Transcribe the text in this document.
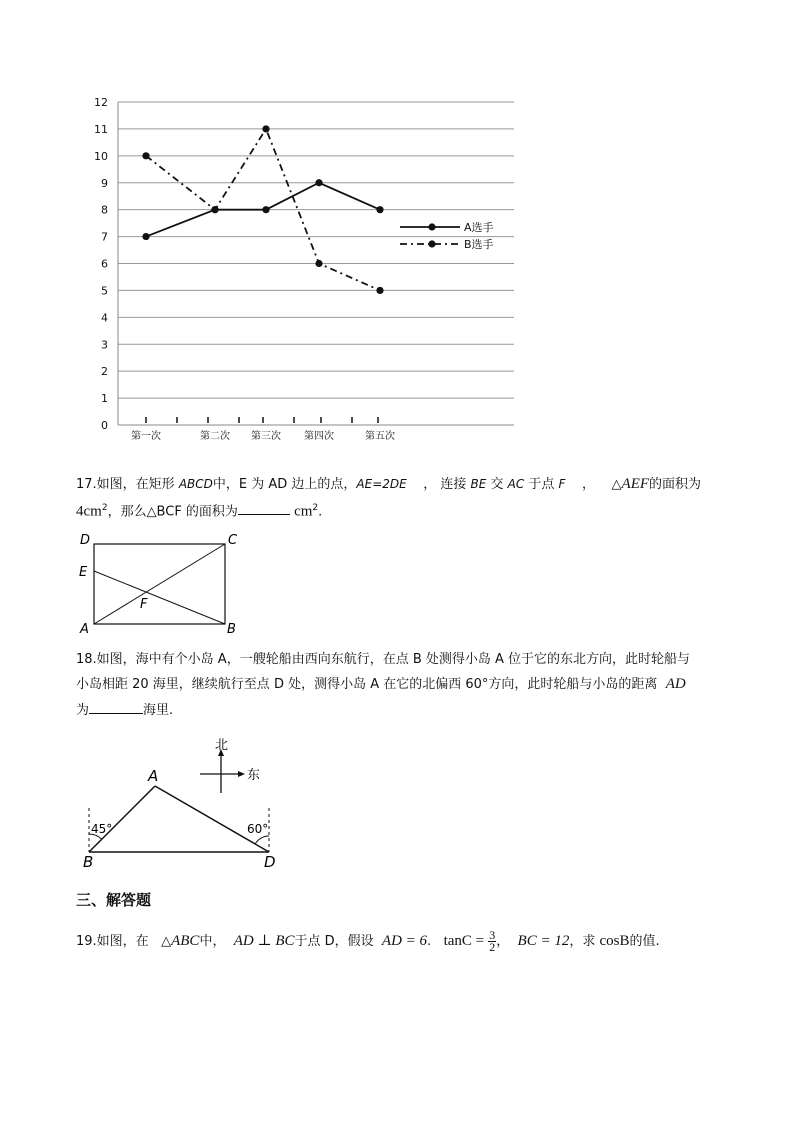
0
1
2
3
4
5
6
7
8
9
10
11
12
第一次	第二次 第三次 第四次	第五次
A选手
B选手
17.如图，在矩形 ABCD中，E 为 AD 边上的点，AE=2DE ， 连接 BE 交 AC 于点 F ， △AEF的面积为
$4cm^2$，那么△BCF 的面积为	$cm^2$.
D	C
E
F
A	B
18.如图，海中有个小岛 A，一艘轮船由西向东航行，在点 B 处测得小岛 A 位于它的东北方向，此时轮船与
小岛相距 20 海里，继续航行至点 D 处，测得小岛 A 在它的北偏西 60°方向，此时轮船与小岛的距离 AD
为	海里.
北
东
45°	60°
A
B	D
三、解答题
19.如图，在 △ABC中， AD ⊥ BC于点 D，假设 AD = 6.   $\tan C = \frac{3}{2}$ ， BC = 12，求 cosB的值.
